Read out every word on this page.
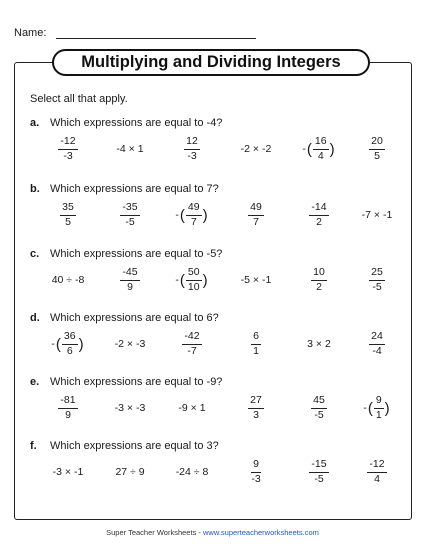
Name:
Multiplying and Dividing Integers
Select all that apply.
a. Which expressions are equal to -4?
$\frac{-12}{-3}$	-4 × 1	$\frac{12}{-3}$	-2 × -2	- ( $\frac{16}{4}$ )	$\frac{20}{5}$
b. Which expressions are equal to 7?
$\frac{35}{5}$	$\frac{-35}{-5}$	- ( $\frac{49}{7}$ )	$\frac{49}{7}$	$\frac{-14}{2}$	-7 × -1
c. Which expressions are equal to -5?
40 ÷ -8	$\frac{-45}{9}$	- ( $\frac{50}{10}$ )	-5 × -1	$\frac{10}{2}$	$\frac{25}{-5}$
d. Which expressions are equal to 6?
- ( $\frac{36}{6}$ )	-2 × -3	$\frac{-42}{-7}$	$\frac{6}{1}$	3 × 2	$\frac{24}{-4}$
e. Which expressions are equal to -9?
$\frac{-81}{9}$	-3 × -3	-9 × 1	$\frac{27}{3}$	$\frac{45}{-5}$	- ( $\frac{9}{1}$ )
f. Which expressions are equal to 3?
-3 × -1	27 ÷ 9	-24 ÷ 8	$\frac{9}{-3}$	$\frac{-15}{-5}$	$\frac{-12}{4}$
Super Teacher Worksheets - www.superteacherworksheets.com
